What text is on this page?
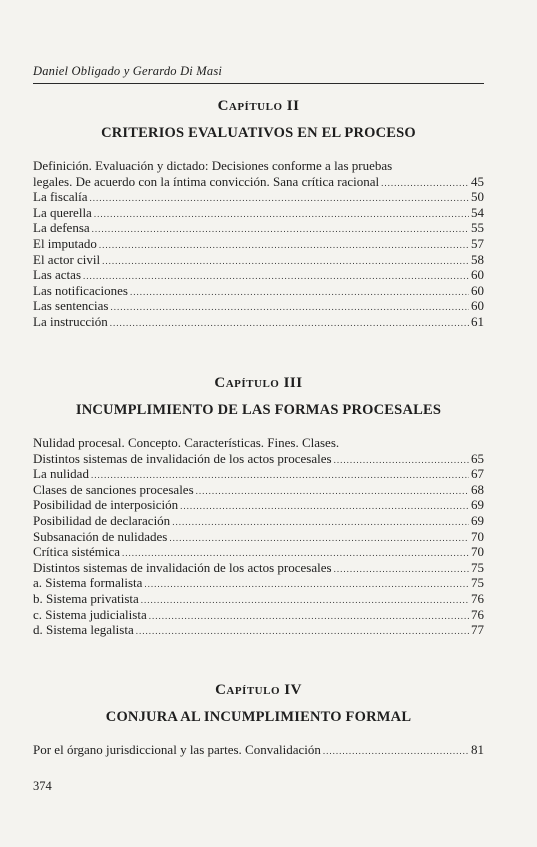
Daniel Obligado y Gerardo Di Masi
Capítulo II
CRITERIOS EVALUATIVOS EN EL PROCESO
Definición. Evaluación y dictado: Decisiones conforme a las pruebas
legales. De acuerdo con la íntima convicción. Sana crítica racional .....	45
La fiscalía .....	50
La querella .....	54
La defensa .....	55
El imputado .....	57
El actor civil .....	58
Las actas .....	60
Las notificaciones .....	60
Las sentencias .....	60
La instrucción .....	61
Capítulo III
INCUMPLIMIENTO DE LAS FORMAS PROCESALES
Nulidad procesal. Concepto. Características. Fines. Clases.
Distintos sistemas de invalidación de los actos procesales .....	65
La nulidad .....	67
Clases de sanciones procesales .....	68
Posibilidad de interposición .....	69
Posibilidad de declaración .....	69
Subsanación de nulidades .....	70
Crítica sistémica .....	70
Distintos sistemas de invalidación de los actos procesales .....	75
a. Sistema formalista .....	75
b. Sistema privatista .....	76
c. Sistema judicialista .....	76
d. Sistema legalista .....	77
Capítulo IV
CONJURA AL INCUMPLIMIENTO FORMAL
Por el órgano jurisdiccional y las partes. Convalidación .....	81
374
